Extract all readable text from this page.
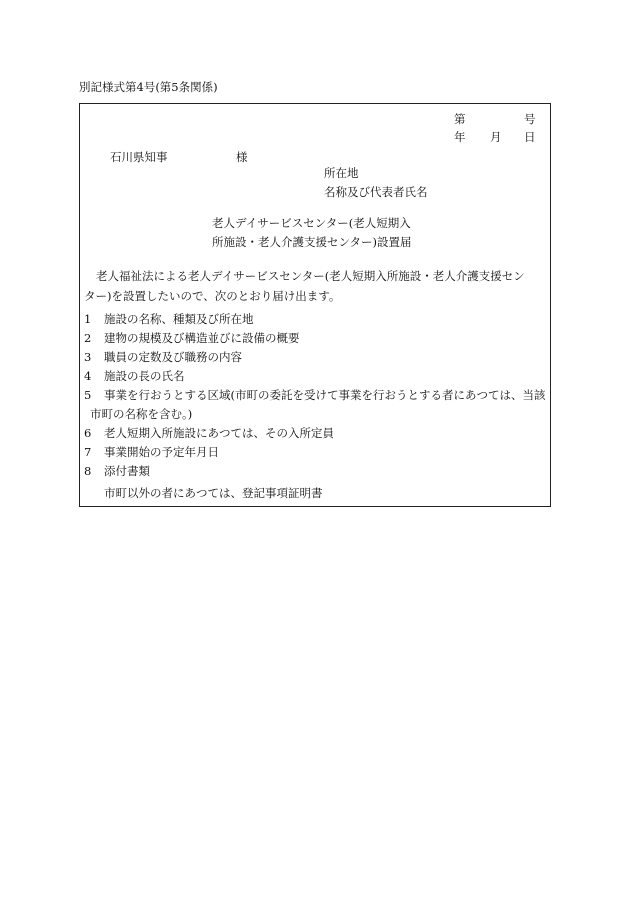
別記様式第4号(第5条関係)
第	号
年 月 日
石川県知事	様
所在地
名称及び代表者氏名
老人デイサービスセンター(老人短期入
所施設・老人介護支援センター)設置届
老人福祉法による老人デイサービスセンター(老人短期入所施設・老人介護支援セン
ター)を設置したいので、次のとおり届け出ます。
1	施設の名称、種類及び所在地
2	建物の規模及び構造並びに設備の概要
3	職員の定数及び職務の内容
4	施設の長の氏名
5	事業を行おうとする区域(市町の委託を受けて事業を行おうとする者にあつては、当該
市町の名称を含む。)
6	老人短期入所施設にあつては、その入所定員
7	事業開始の予定年月日
8	添付書類
市町以外の者にあつては、登記事項証明書
